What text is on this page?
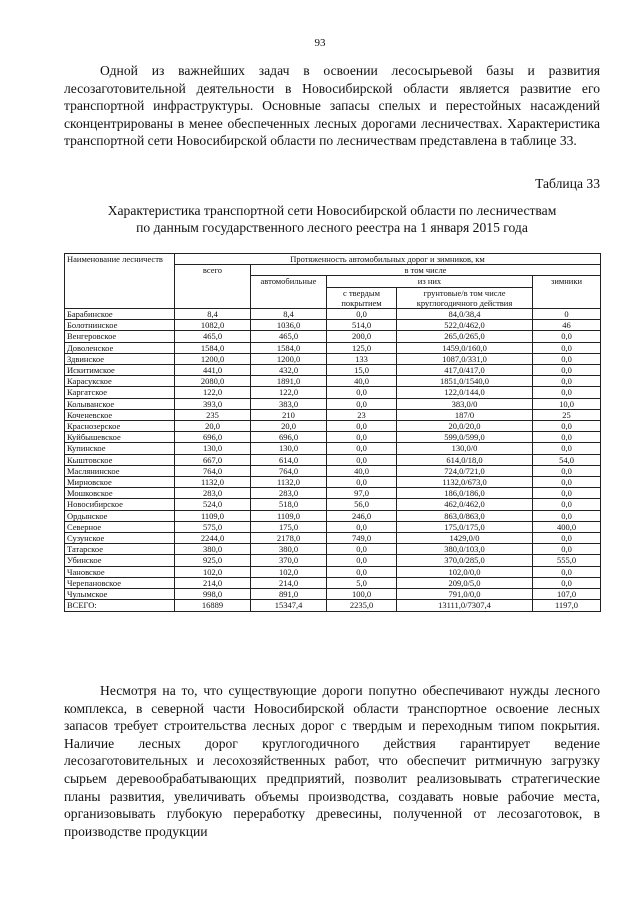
93

Одной из важнейших задач в освоении лесосырьевой базы и развития лесозаготовительной деятельности в Новосибирской области является развитие его транспортной инфраструктуры. Основные запасы спелых и перестойных насаждений сконцентрированы в менее обеспеченных лесных дорогами лесничествах. Характеристика транспортной сети Новосибирской области по лесничествам представлена в таблице 33.

Таблица 33

Характеристика транспортной сети Новосибирской области по лесничествам
по данным государственного лесного реестра на 1 января 2015 года

Наименование лесничеств	Протяженность автомобильных дорог и зимников, км				
	всего	в том числе			
		автомобильные	из них		зимники
			с твердым покрытием	грунтовые/в том числе круглогодичного действия	
Барабинское	8,4	8,4	0,0	84,0/38,4	0
Болотнинское	1082,0	1036,0	514,0	522,0/462,0	46
Венгеровское	465,0	465,0	200,0	265,0/265,0	0,0
Доволенское	1584,0	1584,0	125,0	1459,0/160,0	0,0
Здвинское	1200,0	1200,0	133	1087,0/331,0	0,0
Искитимское	441,0	432,0	15,0	417,0/417,0	0,0
Карасукское	2080,0	1891,0	40,0	1851,0/1540,0	0,0
Каргатское	122,0	122,0	0,0	122,0/144,0	0,0
Колыванское	393,0	383,0	0,0	383,0/0	10,0
Коченевское	235	210	23	187/0	25
Краснозерское	20,0	20,0	0,0	20,0/20,0	0,0
Куйбышевское	696,0	696,0	0,0	599,0/599,0	0,0
Купинское	130,0	130,0	0,0	130,0/0	0,0
Кыштовское	667,0	614,0	0,0	614,0/18,0	54,0
Маслянинское	764,0	764,0	40,0	724,0/721,0	0,0
Мирновское	1132,0	1132,0	0,0	1132,0/673,0	0,0
Мошковское	283,0	283,0	97,0	186,0/186,0	0,0
Новосибирское	524,0	518,0	56,0	462,0/462,0	0,0
Ордынское	1109,0	1109,0	246,0	863,0/863,0	0,0
Северное	575,0	175,0	0,0	175,0/175,0	400,0
Сузунское	2244,0	2178,0	749,0	1429,0/0	0,0
Татарское	380,0	380,0	0,0	380,0/103,0	0,0
Убинское	925,0	370,0	0,0	370,0/285,0	555,0
Чановское	102,0	102,0	0,0	102,0/0,0	0,0
Черепановское	214,0	214,0	5,0	209,0/5,0	0,0
Чулымское	998,0	891,0	100,0	791,0/0,0	107,0
ВСЕГО:	16889	15347,4	2235,0	13111,0/7307,4	1197,0

Несмотря на то, что существующие дороги попутно обеспечивают нужды лесного комплекса, в северной части Новосибирской области транспортное освоение лесных запасов требует строительства лесных дорог с твердым и переходным типом покрытия. Наличие лесных дорог круглогодичного действия гарантирует ведение лесозаготовительных и лесохозяйственных работ, что обеспечит ритмичную загрузку сырьем деревообрабатывающих предприятий, позволит реализовывать стратегические планы развития, увеличивать объемы производства, создавать новые рабочие места, организовывать глубокую переработку древесины, полученной от лесозаготовок, в производстве продукции
